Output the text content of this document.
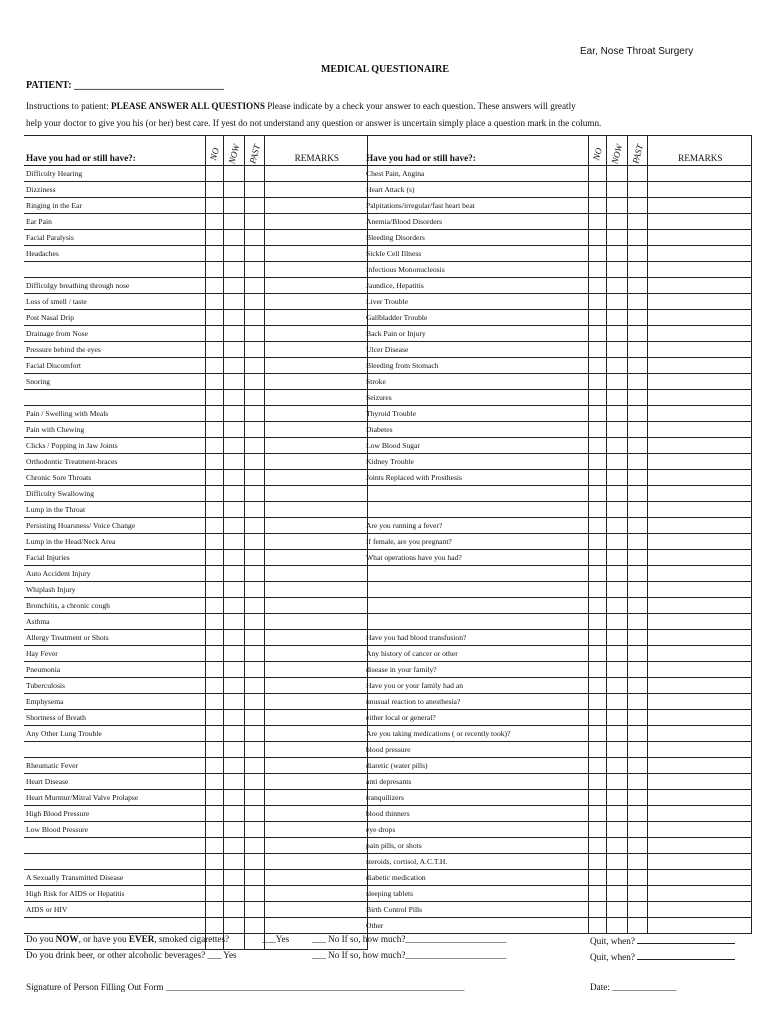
Ear, Nose Throat Surgery
MEDICAL QUESTIONAIRE
PATIENT: ______________________________
Instructions to patient: PLEASE ANSWER ALL QUESTIONS Please indicate by a check your answer to each question. These answers will greatly
help your doctor to give you his (or her) best care. If yest do not understand any question or answer is uncertain simply place a question mark in the column.
Have you had or still have?:	NO	NOW	PAST	REMARKS
Difficulty Hearing				
Dizziness				
Ringing in the Ear				
Ear Pain				
Facial Paralysis				
Headaches				

Difficulgy breathing through nose				
Loss of smell / taste				
Post Nasal Drip				
Drainage from Nose				
Pressure behind the eyes				
Facial Discomfort				
Snoring				

Pain / Swelling with Meals				
Pain with Chewing				
Clicks / Popping in Jaw Joints				
Orthodontic Treatment-braces				
Chronic Sore Throats				
Difficulty Swallowing				
Lump in the Throat				
Persisting Hoarsness/ Voice Change				
Lump in the Head/Neck Area				
Facial Injuries				
Auto Accident Injury				
Whiplash Injury				
Bronchitis, a chronic cough				
Asthma				
Allergy Treatment or Shots				
Hay Fever				
Pneumonia				
Tuberculosis				
Emphysema				
Shortness of Breath				
Any Other Lung Trouble				

Rheumatic Fever				
Heart Disease				
Heart Murmur/Mitral Valve Prolapse				
High Blood Pressure				
Low Blood Pressure				

A Sexually Transmitted Disease				
High Risk for AIDS or Hepatitis				
AIDS or HIV				

Have you had or still have?:	NO	NOW	PAST	REMARKS
Chest Pain, Angina				
Heart Attack (s)				
Palpitations/irregular/fast heart beat				
Anemia/Blood Disorders				
Bleeding Disorders				
Sickle Cell Illness				
Infectious Mononucleosis				
Jaundice, Hepatitis				
Liver Trouble				
Gallbladder Trouble				
Back Pain or Injury				
Ulcer Disease				
Bleeding from Stomach				
Stroke				
Seizures				
Thyroid Trouble				
Diabetes				
Low Blood Sugar				
Kidney Trouble				
Joints Replaced with Prosthesis				

Are you running a fever?				
If female, are you pregnant?				
What operations have you had?				

Have you had blood transfusion?				
Any history of cancer or other				
disease in your family?				
Have you or your family had an				
unusual reaction to anesthesia?				
either local or general?				
Are you taking medications ( or recently took)?				
blood pressure				
diaretic (water pills)				
anti depresants				
tranquilizers				
blood thinners				
eye drops				
pain pills, or shots				
steroids, cortisol, A.C.T.H.				
diabetic medication				
sleeping tablets				
Birth Control Pills				
Other				
Do you NOW, or have you EVER, smoked cigarettes?	___Yes ___ No If so, how much?______________________	Quit, when?
Do you drink beer, or other alcoholic beverages? ___ Yes	___ No If so, how much?______________________	Quit, when?
Signature of Person Filling Out Form _________________________________________________________________	Date: ______________
